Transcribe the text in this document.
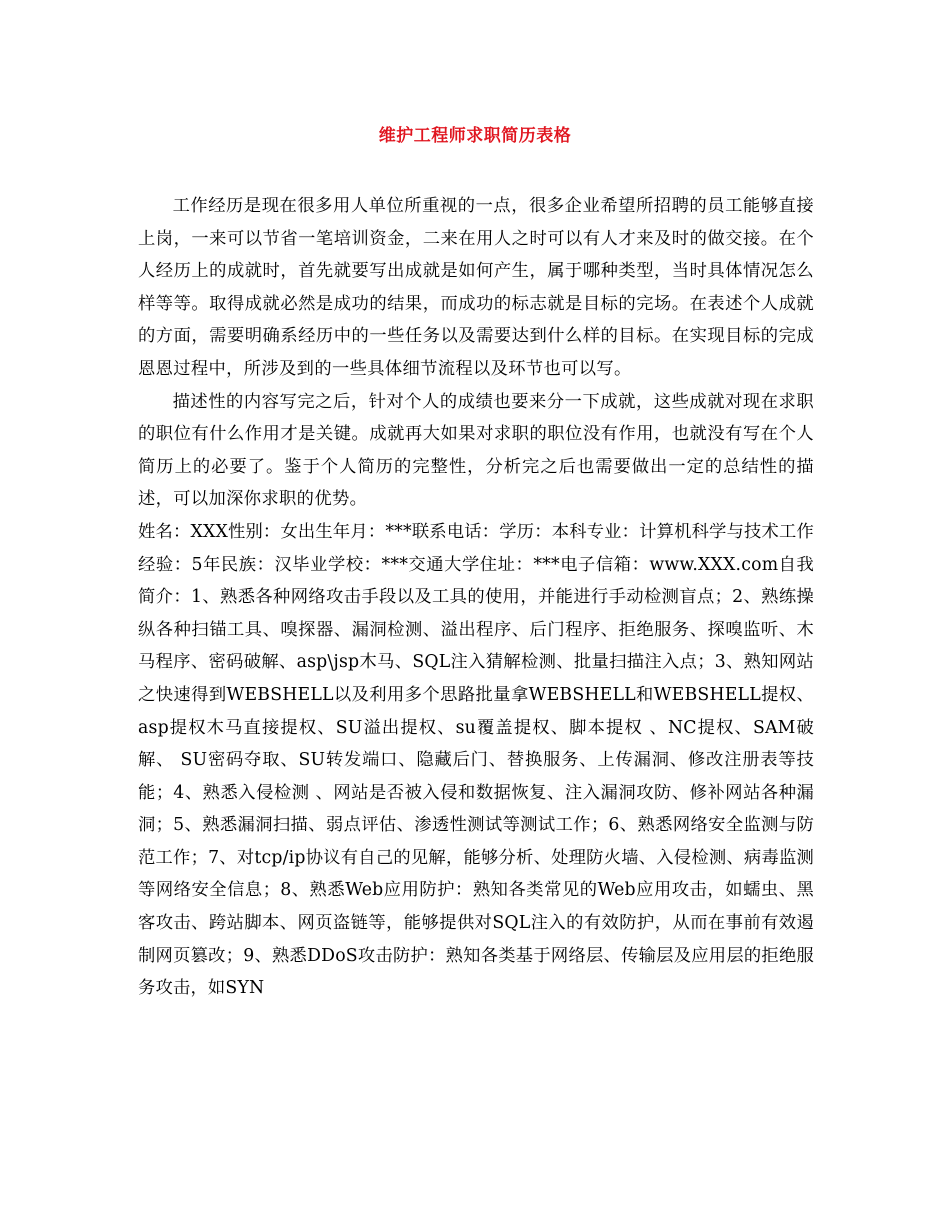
维护工程师求职简历表格

工作经历是现在很多用人单位所重视的一点，很多企业希望所招聘的员工能够直接上岗，一来可以节省一笔培训资金，二来在用人之时可以有人才来及时的做交接。在个人经历上的成就时，首先就要写出成就是如何产生，属于哪种类型，当时具体情况怎么样等等。取得成就必然是成功的结果，而成功的标志就是目标的完场。在表述个人成就的方面，需要明确系经历中的一些任务以及需要达到什么样的目标。在实现目标的完成恩恩过程中，所涉及到的一些具体细节流程以及环节也可以写。

描述性的内容写完之后，针对个人的成绩也要来分一下成就，这些成就对现在求职的职位有什么作用才是关键。成就再大如果对求职的职位没有作用，也就没有写在个人简历上的必要了。鉴于个人简历的完整性，分析完之后也需要做出一定的总结性的描述，可以加深你求职的优势。

姓名：XXX性别：女出生年月：***联系电话：学历：本科专业：计算机科学与技术工作经验：5年民族：汉毕业学校：***交通大学住址：***电子信箱：www.XXX.com自我简介：1、熟悉各种网络攻击手段以及工具的使用，并能进行手动检测盲点；2、熟练操纵各种扫锚工具、嗅探器、漏洞检测、溢出程序、后门程序、拒绝服务、探嗅监听、木马程序、密码破解、asp\jsp木马、SQL注入猜解检测、批量扫描注入点；3、熟知网站之快速得到WEBSHELL以及利用多个思路批量拿WEBSHELL和WEBSHELL提权、asp提权木马直接提权、SU溢出提权、su覆盖提权、脚本提权 、NC提权、SAM破解、 SU密码夺取、SU转发端口、隐藏后门、替换服务、上传漏洞、修改注册表等技能；4、熟悉入侵检测 、网站是否被入侵和数据恢复、注入漏洞攻防、修补网站各种漏洞；5、熟悉漏洞扫描、弱点评估、渗透性测试等测试工作；6、熟悉网络安全监测与防范工作；7、对tcp/ip协议有自己的见解，能够分析、处理防火墙、入侵检测、病毒监测等网络安全信息；8、熟悉Web应用防护：熟知各类常见的Web应用攻击，如蠕虫、黑客攻击、跨站脚本、网页盗链等，能够提供对SQL注入的有效防护，从而在事前有效遏制网页篡改；9、熟悉DDoS攻击防护：熟知各类基于网络层、传输层及应用层的拒绝服务攻击，如SYN
